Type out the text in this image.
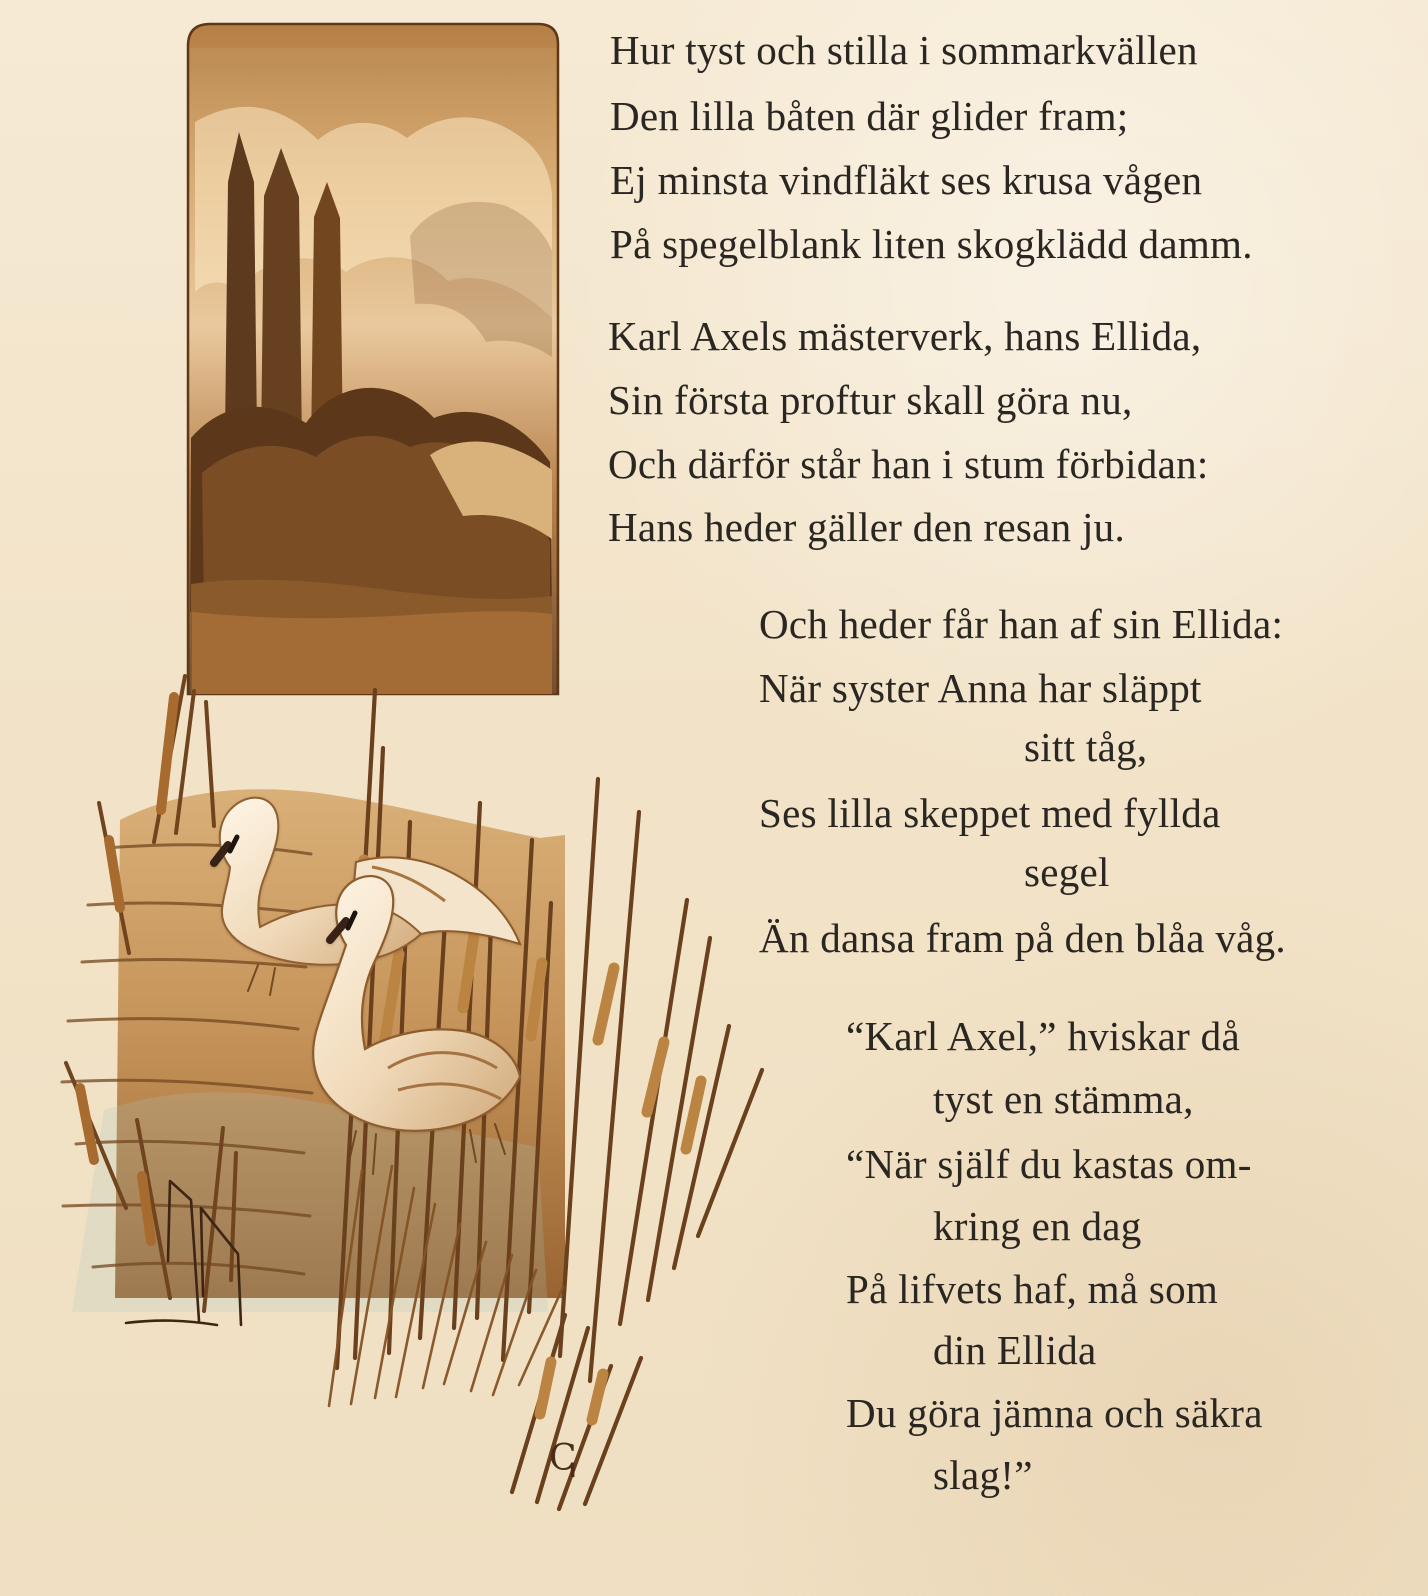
ↅ
Hur tyst och stilla i sommarkvällen
Den lilla båten där glider fram;
Ej minsta vindfläkt ses krusa vågen
På spegelblank liten skogklädd damm.
Karl Axels mästerverk, hans Ellida,
Sin första proftur skall göra nu,
Och därför står han i stum förbidan:
Hans heder gäller den resan ju.
Och heder får han af sin Ellida:
När syster Anna har släppt
sitt tåg,
Ses lilla skeppet med fyllda
segel
Än dansa fram på den blåa våg.
“Karl Axel,” hviskar då
tyst en stämma,
“När själf du kastas om-
kring en dag
På lifvets haf, må som
din Ellida
Du göra jämna och säkra
slag!”
